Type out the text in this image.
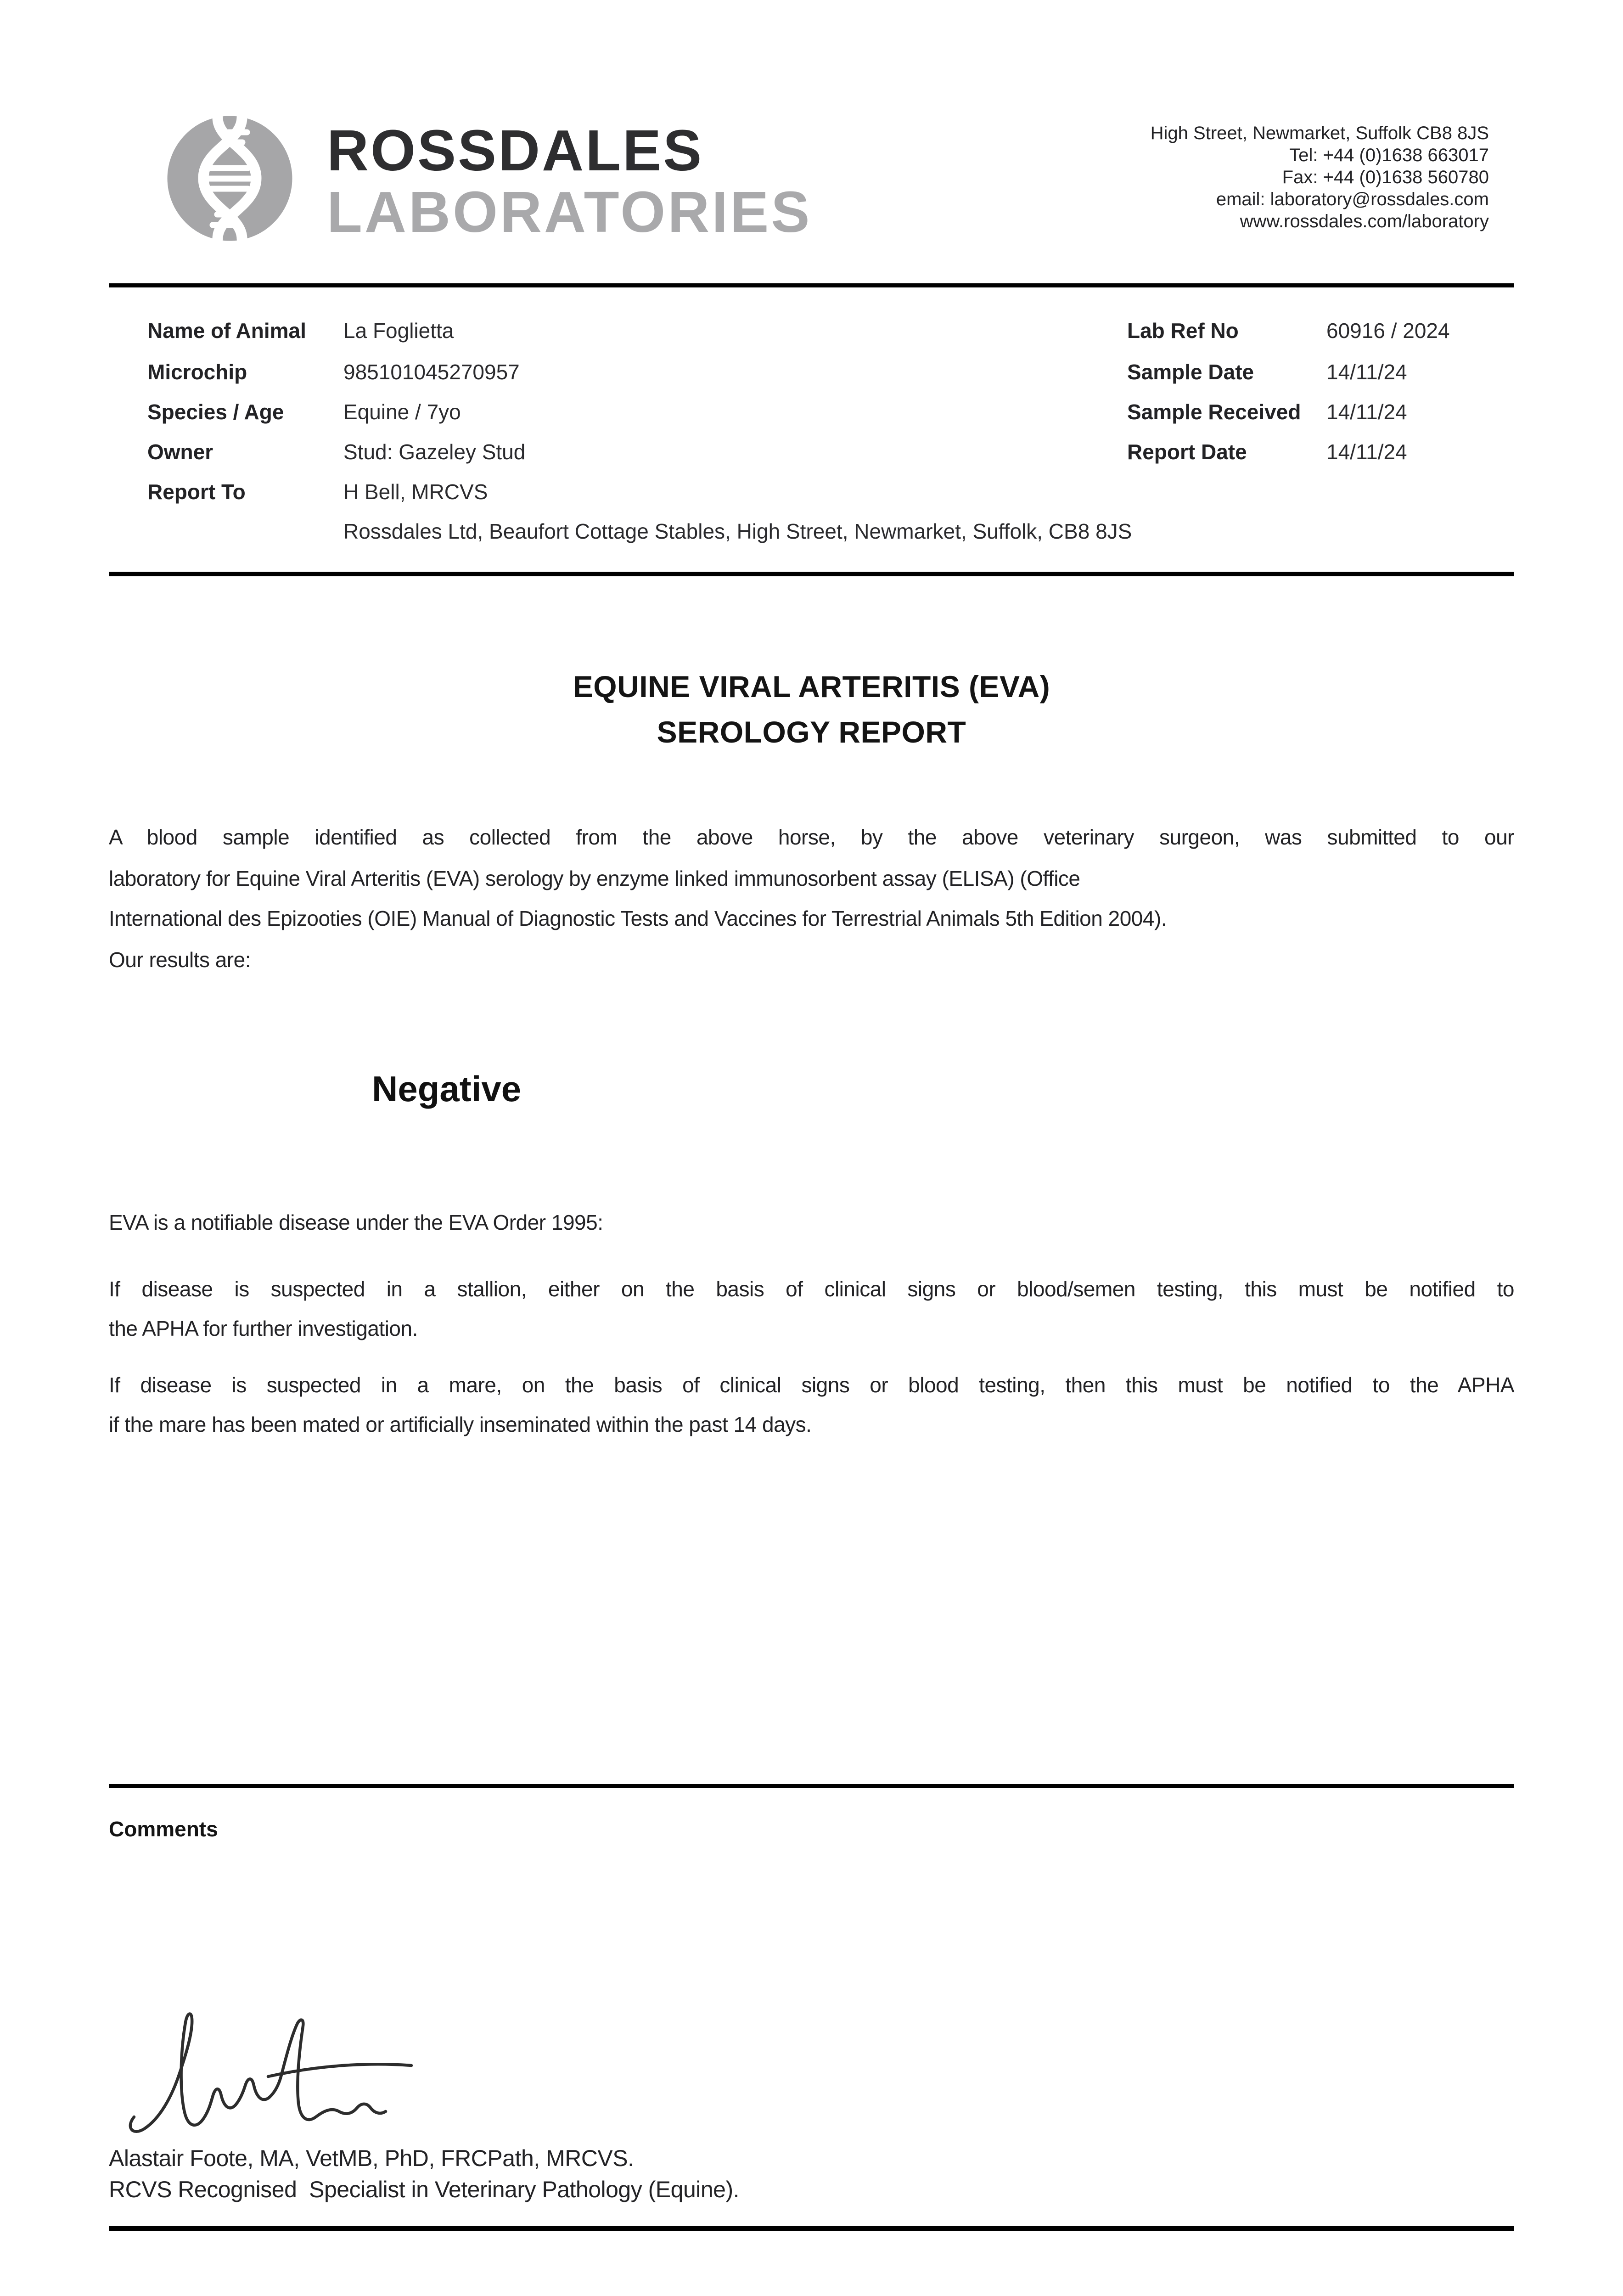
ROSSDALES
LABORATORIES
High Street, Newmarket, Suffolk CB8 8JS
Tel: +44 (0)1638 663017
Fax: +44 (0)1638 560780
email: laboratory@rossdales.com
www.rossdales.com/laboratory
Name of Animal La Foglietta
Microchip	985101045270957
Species / Age	Equine / 7yo
Owner	Stud: Gazeley Stud
Report To	H Bell, MRCVS
Rossdales Ltd, Beaufort Cottage Stables, High Street, Newmarket, Suffolk, CB8 8JS
Lab Ref No	60916 / 2024
Sample Date	14/11/24
Sample Received 14/11/24
Report Date	14/11/24
EQUINE VIRAL ARTERITIS (EVA)
SEROLOGY REPORT
A blood sample identified as collected from the above horse, by the above veterinary surgeon, was submitted to our
laboratory for Equine Viral Arteritis (EVA) serology by enzyme linked immunosorbent assay (ELISA) (Office
International des Epizooties (OIE) Manual of Diagnostic Tests and Vaccines for Terrestrial Animals 5th Edition 2004).
Our results are:
Negative
EVA is a notifiable disease under the EVA Order 1995:
If disease is suspected in a stallion, either on the basis of clinical signs or blood/semen testing, this must be notified to
the APHA for further investigation.
If disease is suspected in a mare, on the basis of clinical signs or blood testing, then this must be notified to the APHA
if the mare has been mated or artificially inseminated within the past 14 days.
Comments
Alastair Foote, MA, VetMB, PhD, FRCPath, MRCVS.
RCVS Recognised  Specialist in Veterinary Pathology (Equine).
